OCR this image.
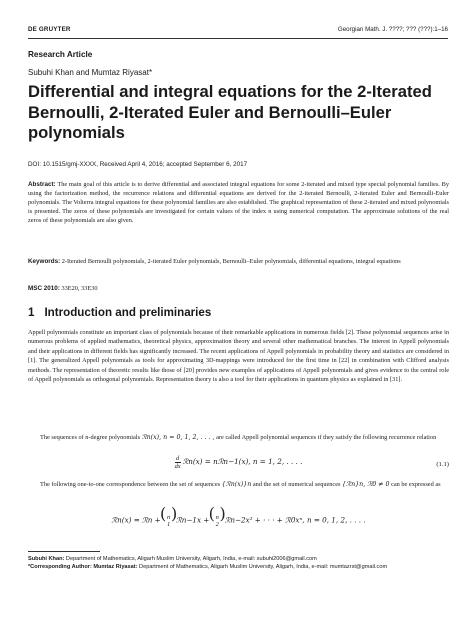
DE GRUYTER	Georgian Math. J. ????; ??? (???):1–16
Research Article
Subuhi Khan and Mumtaz Riyasat*
Differential and integral equations for the 2-Iterated Bernoulli, 2-Iterated Euler and Bernoulli–Euler polynomials
DOI: 10.1515/gmj-XXXX, Received April 4, 2016; accepted September 6, 2017
Abstract: The main goal of this article is to derive differential and associated integral equations for some 2-iterated and mixed type special polynomial families. By using the factorization method, the recurrence relations and differential equations are derived for the 2-iterated Bernoulli, 2-iterated Euler and Bernoulli-Euler polynomials. The Volterra integral equations for these polynomial families are also established. The graphical representation of these 2-iterated and mixed polynomials is presented. The zeros of these polynomials are investigated for certain values of the index n using numerical computation. The approximate solutions of the real zeros of these polynomials are also given.
Keywords: 2-Iterated Bernoulli polynomials, 2-iterated Euler polynomials, Bernoulli–Euler polynomials, differential equations, integral equations
MSC 2010: 33E20, 33E30
1 Introduction and preliminaries
Appell polynomials constitute an important class of polynomials because of their remarkable applications in numerous fields [2]. These polynomial sequences arise in numerous problems of applied mathematics, theoretical physics, approximation theory and several other mathematical branches. The interest in Appell polynomials and their applications in different fields has significantly increased. The recent applications of Appell polynomials in probability theory and statistics are considered in [1]. The generalized Appell polynomials as tools for approximating 3D-mappings were introduced for the first time in [22] in combination with Clifford analysis methods. The representation of theoretic results like those of [20] provides new examples of applications of Appell polynomials and gives evidence to the central role of Appell polynomials as orthogonal polynomials. Representation theory is also a tool for their applications in quantum physics as explained in [31].
The sequences of n-degree polynomials ℛn(x), n = 0, 1, 2, . . . , are called Appell polynomial sequences if they satisfy the following recurrence relation
$\frac{d}{dx}$ ℛn(x) = nℛn−1(x), n = 1, 2, . . . .	(1.1)
The following one-to-one correspondence between the set of sequences {ℛn(x)}n and the set of numerical sequences {ℛn}n, ℛ0 ≠ 0 can be expressed as
ℛn(x) = ℛn + ( n
1
) ℛn−1x + ( n
2
) ℛn−2x² + · · · + ℛ0xⁿ, n = 0, 1, 2, . . . .
Subuhi Khan: Department of Mathematics, Aligarh Muslim University, Aligarh, India, e-mail: subuhi2006@gmail.com
*Corresponding Author: Mumtaz Riyasat: Department of Mathematics, Aligarh Muslim University, Aligarh, India, e-mail: mumtazrst@gmail.com
